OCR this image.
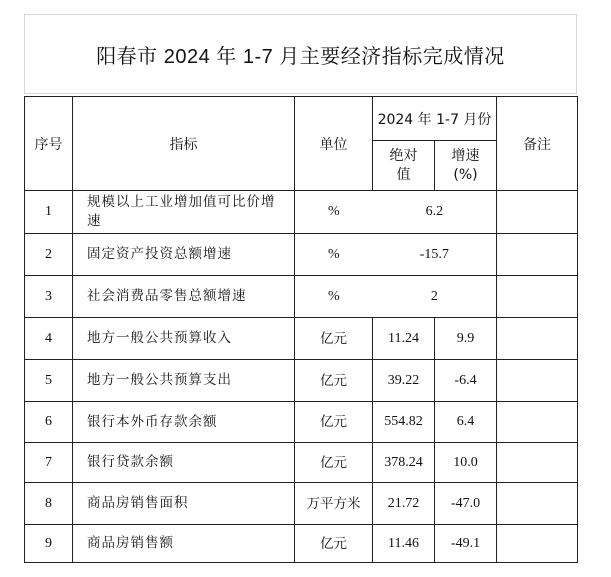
阳春市 2024 年 1-7 月主要经济指标完成情况
序号	指标	单位	2024 年 1-7 月份		备注

			绝对值	增速(%)	

1	规模以上工业增加值可比价增速	% 6.2			

2	固定资产投资总额增速	% -15.7			

3	社会消费品零售总额增速	% 2			

4	地方一般公共预算收入	亿元	11.24	9.9	
5	地方一般公共预算支出	亿元	39.22	-6.4	
6	银行本外币存款余额	亿元	554.82	6.4	
7	银行贷款余额	亿元	378.24	10.0	
8	商品房销售面积	万平方米	21.72	-47.0	
9	商品房销售额	亿元	11.46	-49.1	
